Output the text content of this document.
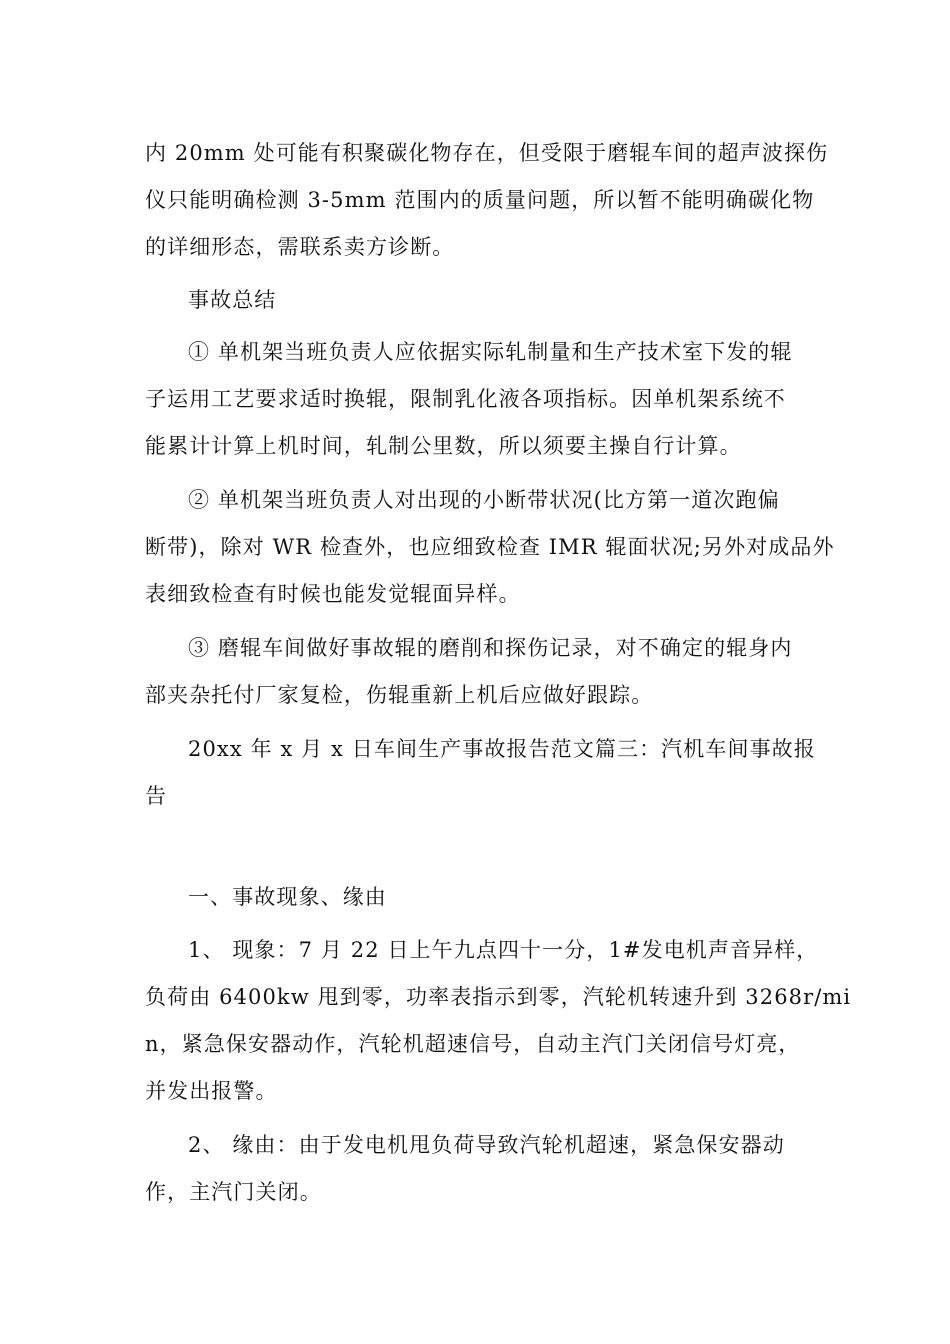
内 20mm 处可能有积聚碳化物存在，但受限于磨辊车间的超声波探伤
仪只能明确检测 3-5mm 范围内的质量问题，所以暂不能明确碳化物
的详细形态，需联系卖方诊断。
事故总结
① 单机架当班负责人应依据实际轧制量和生产技术室下发的辊
子运用工艺要求适时换辊，限制乳化液各项指标。因单机架系统不
能累计计算上机时间，轧制公里数，所以须要主操自行计算。
② 单机架当班负责人对出现的小断带状况(比方第一道次跑偏
断带)，除对 WR 检查外，也应细致检查 IMR 辊面状况;另外对成品外
表细致检查有时候也能发觉辊面异样。
③ 磨辊车间做好事故辊的磨削和探伤记录，对不确定的辊身内
部夹杂托付厂家复检，伤辊重新上机后应做好跟踪。
20xx 年 x 月 x 日车间生产事故报告范文篇三：汽机车间事故报
告
一、事故现象、缘由
1、 现象：7 月 22 日上午九点四十一分，1#发电机声音异样，
负荷由 6400kw 甩到零，功率表指示到零，汽轮机转速升到 3268r/mi
n，紧急保安器动作，汽轮机超速信号，自动主汽门关闭信号灯亮，
并发出报警。
2、 缘由：由于发电机甩负荷导致汽轮机超速，紧急保安器动
作，主汽门关闭。
